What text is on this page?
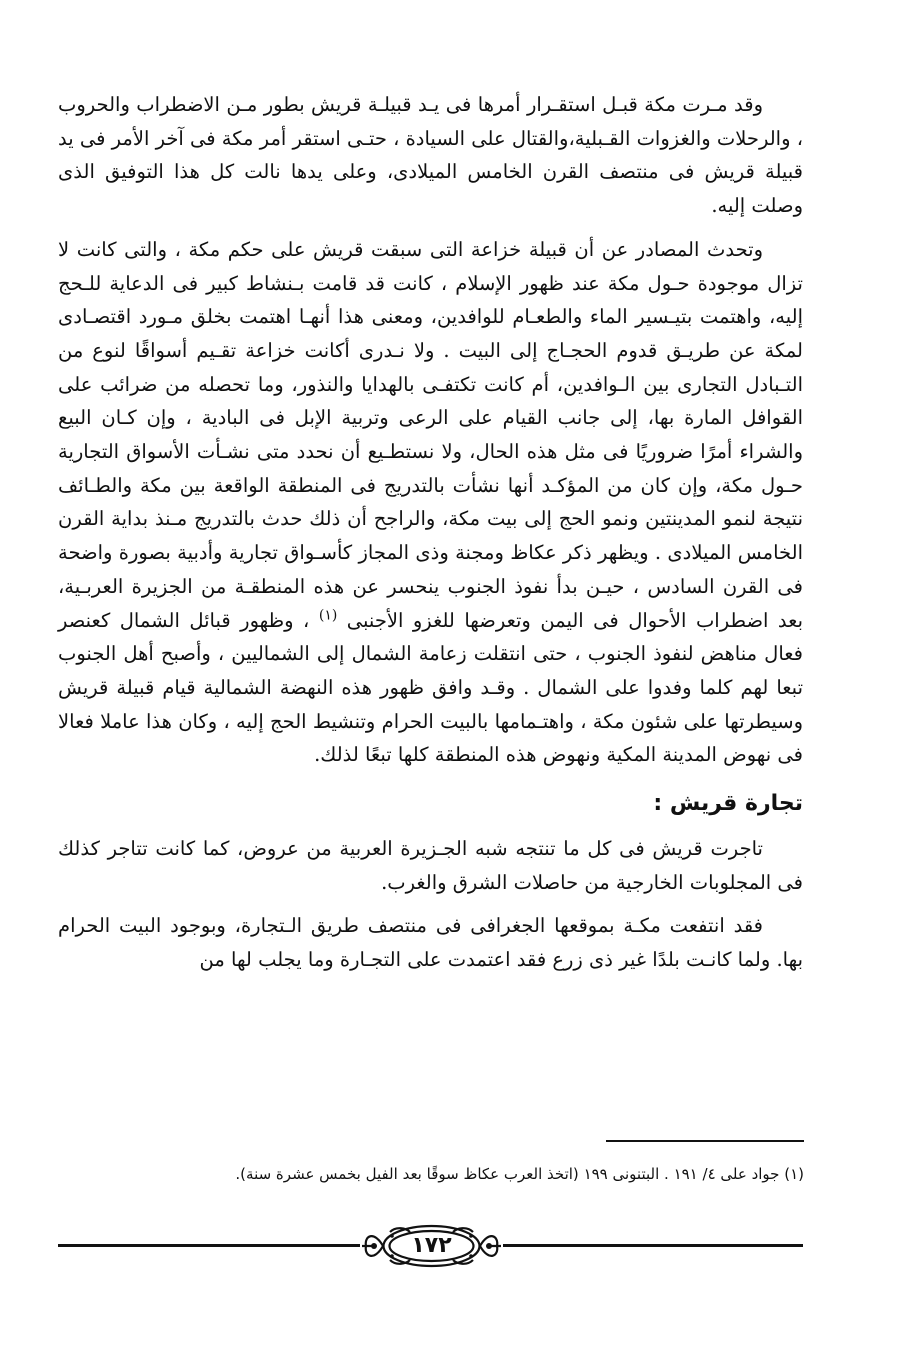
وقد مـرت مكة قبـل استقـرار أمرها فى يـد قبيلـة قريش بطور مـن الاضطراب والحروب ، والرحلات والغزوات القـبلية،والقتال على السيادة ، حتـى استقر أمر مكة فى آخر الأمر فى يد قبيلة قريش فى منتصف القرن الخامس الميلادى، وعلى يدها نالت كل هذا التوفيق الذى وصلت إليه.

وتحدث المصادر عن أن قبيلة خزاعة التى سبقت قريش على حكم مكة ، والتى كانت لا تزال موجودة حـول مكة عند ظهور الإسلام ، كانت قد قامت بـنشاط كبير فى الدعاية للـحج إليه، واهتمت بتيـسير الماء والطعـام للوافدين، ومعنى هذا أنهـا اهتمت بخلق مـورد اقتصـادى لمكة عن طريـق قدوم الحجـاج إلى البيت . ولا نـدرى أكانت خزاعة تقـيم أسواقًا لنوع من التـبادل التجارى بين الـوافدين، أم كانت تكتفـى بالهدايا والنذور، وما تحصله من ضرائب على القوافل المارة بها، إلى جانب القيام على الرعى وتربية الإبل فى البادية ، وإن كـان البيع والشراء أمرًا ضروريًا فى مثل هذه الحال، ولا نستطـيع أن نحدد متى نشـأت الأسواق التجارية حـول مكة، وإن كان من المؤكـد أنها نشأت بالتدريج فى المنطقة الواقعة بين مكة والطـائف نتيجة لنمو المدينتين ونمو الحج إلى بيت مكة، والراجح أن ذلك حدث بالتدريج مـنذ بداية القرن الخامس الميلادى . ويظهر ذكر عكاظ ومجنة وذى المجاز كأسـواق تجارية وأدبية بصورة واضحة فى القرن السادس ، حيـن بدأ نفوذ الجنوب ينحسر عن هذه المنطقـة من الجزيرة العربـية، بعد اضطراب الأحوال فى اليمن وتعرضها للغزو الأجنبى $^{(١)}$ ، وظهور قبائل الشمال كعنصر فعال مناهض لنفوذ الجنوب ، حتى انتقلت زعامة الشمال إلى الشماليين ، وأصبح أهل الجنوب تبعا لهم كلما وفدوا على الشمال . وقـد وافق ظهور هذه النهضة الشمالية قيام قبيلة قريش وسيطرتها على شئون مكة ، واهتـمامها بالبيت الحرام وتنشيط الحج إليه ، وكان هذا عاملا فعالا فى نهوض المدينة المكية ونهوض هذه المنطقة كلها تبعًا لذلك.

تجارة قريش :

تاجرت قريش فى كل ما تنتجه شبه الجـزيرة العربية من عروض، كما كانت تتاجر كذلك فى المجلوبات الخارجية من حاصلات الشرق والغرب.

فقد انتفعت مكـة بموقعها الجغرافى فى منتصف طريق الـتجارة، وبوجود البيت الحرام بها. ولما كانـت بلدًا غير ذى زرع فقد اعتمدت على التجـارة وما يجلب لها من

(١) جواد على ٤/ ١٩١ . البتنونى ١٩٩ (اتخذ العرب عكاظ سوقًا بعد الفيل بخمس عشرة سنة).
١٧٢
